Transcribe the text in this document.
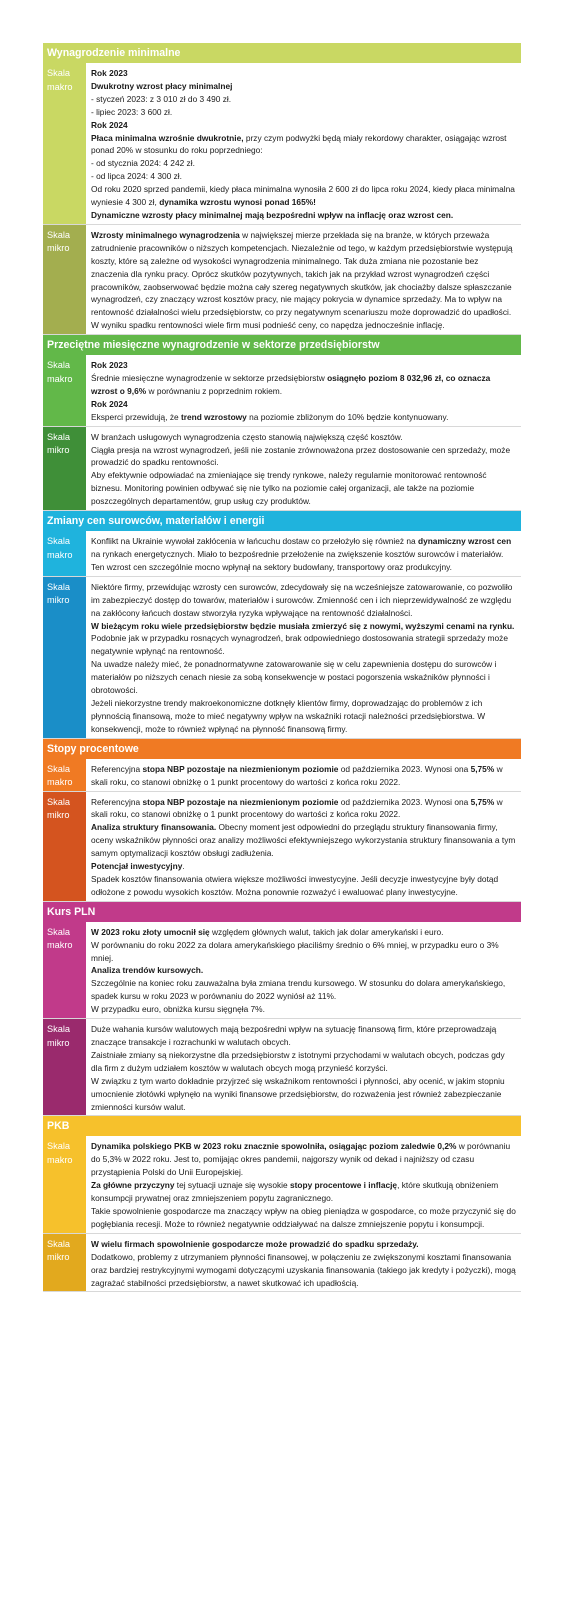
Wynagrodzenie minimalne
Skala
makro

Rok 2023

Dwukrotny wzrost płacy minimalnej

- styczeń 2023: z 3 010 zł do 3 490 zł.

- lipiec 2023: 3 600 zł.

Rok 2024

Płaca minimalna wzrośnie dwukrotnie, przy czym podwyżki będą miały rekordowy charakter, osiągając wzrost ponad 20% w stosunku do roku poprzedniego:

- od stycznia 2024: 4 242 zł.

- od lipca 2024: 4 300 zł.

Od roku 2020 sprzed pandemii, kiedy płaca minimalna wynosiła 2 600 zł do lipca roku 2024, kiedy płaca minimalna wyniesie 4 300 zł, dynamika wzrostu wynosi ponad 165%!

Dynamiczne wzrosty płacy minimalnej mają bezpośredni wpływ na inflację oraz wzrost cen.

Skala
mikro

Wzrosty minimalnego wynagrodzenia w największej mierze przekłada się na branże, w których przeważa zatrudnienie pracowników o niższych kompetencjach. Niezależnie od tego, w każdym przedsiębiorstwie występują koszty, które są zależne od wysokości wynagrodzenia minimalnego. Tak duża zmiana nie pozostanie bez znaczenia dla rynku pracy. Oprócz skutków pozytywnych, takich jak na przykład wzrost wynagrodzeń części pracowników, zaobserwować będzie można cały szereg negatywnych skutków, jak chociażby dalsze spłaszczanie wynagrodzeń, czy znaczący wzrost kosztów pracy, nie mający pokrycia w dynamice sprzedaży. Ma to wpływ na rentowność działalności wielu przedsiębiorstw, co przy negatywnym scenariuszu może doprowadzić do upadłości. W wyniku spadku rentowności wiele firm musi podnieść ceny, co napędza jednocześnie inflację.

Przeciętne miesięczne wynagrodzenie w sektorze przedsiębiorstw
Skala
makro

Rok 2023

Średnie miesięczne wynagrodzenie w sektorze przedsiębiorstw osiągnęło poziom 8 032,96 zł, co oznacza wzrost o 9,6% w porównaniu z poprzednim rokiem.

Rok 2024

Eksperci przewidują, że trend wzrostowy na poziomie zbliżonym do 10% będzie kontynuowany.

Skala
mikro

W branżach usługowych wynagrodzenia często stanowią największą część kosztów.

Ciągła presja na wzrost wynagrodzeń, jeśli nie zostanie zrównoważona przez dostosowanie cen sprzedaży, może prowadzić do spadku rentowności.

Aby efektywnie odpowiadać na zmieniające się trendy rynkowe, należy regularnie monitorować rentowność biznesu. Monitoring powinien odbywać się nie tylko na poziomie całej organizacji, ale także na poziomie poszczególnych departamentów, grup usług czy produktów.

Zmiany cen surowców, materiałów i energii
Skala
makro

Konflikt na Ukrainie wywołał zakłócenia w łańcuchu dostaw co przełożyło się również na dynamiczny wzrost cen na rynkach energetycznych. Miało to bezpośrednie przełożenie na zwiększenie kosztów surowców i materiałów.

Ten wzrost cen szczególnie mocno wpłynął na sektory budowlany, transportowy oraz produkcyjny.

Skala
mikro

Niektóre firmy, przewidując wzrosty cen surowców, zdecydowały się na wcześniejsze zatowarowanie, co pozwoliło im zabezpieczyć dostęp do towarów, materiałów i surowców. Zmienność cen i ich nieprzewidywalność ze względu na zakłócony łańcuch dostaw stworzyła ryzyka wpływające na rentowność działalności.

W bieżącym roku wiele przedsiębiorstw będzie musiała zmierzyć się z nowymi, wyższymi cenami na rynku. Podobnie jak w przypadku rosnących wynagrodzeń, brak odpowiedniego dostosowania strategii sprzedaży może negatywnie wpłynąć na rentowność.

Na uwadze należy mieć, że ponadnormatywne zatowarowanie się w celu zapewnienia dostępu do surowców i materiałów po niższych cenach niesie za sobą konsekwencje w postaci pogorszenia wskaźników płynności i obrotowości.

Jeżeli niekorzystne trendy makroekonomiczne dotknęły klientów firmy, doprowadzając do problemów z ich płynnością finansową, może to mieć negatywny wpływ na wskaźniki rotacji należności przedsiębiorstwa. W konsekwencji, może to również wpłynąć na płynność finansową firmy.

Stopy procentowe
Skala
makro

Referencyjna stopa NBP pozostaje na niezmienionym poziomie od października 2023. Wynosi ona 5,75% w skali roku, co stanowi obniżkę o 1 punkt procentowy do wartości z końca roku 2022.

Skala
mikro

Referencyjna stopa NBP pozostaje na niezmienionym poziomie od października 2023. Wynosi ona 5,75% w skali roku, co stanowi obniżkę o 1 punkt procentowy do wartości z końca roku 2022.

Analiza struktury finansowania. Obecny moment jest odpowiedni do przeglądu struktury finansowania firmy, oceny wskaźników płynności oraz analizy możliwości efektywniejszego wykorzystania struktury finansowania a tym samym optymalizacji kosztów obsługi zadłużenia.

Potencjał inwestycyjny.

Spadek kosztów finansowania otwiera większe możliwości inwestycyjne. Jeśli decyzje inwestycyjne były dotąd odłożone z powodu wysokich kosztów. Można ponownie rozważyć i ewaluować plany inwestycyjne.

Kurs PLN
Skala
makro

W 2023 roku złoty umocnił się względem głównych walut, takich jak dolar amerykański i euro.

W porównaniu do roku 2022 za dolara amerykańskiego płaciliśmy średnio o 6% mniej, w przypadku euro o 3% mniej.

Analiza trendów kursowych.

Szczególnie na koniec roku zauważalna była zmiana trendu kursowego. W stosunku do dolara amerykańskiego, spadek kursu w roku 2023 w porównaniu do 2022 wyniósł aż 11%.

W przypadku euro, obniżka kursu sięgnęła 7%.

Skala
mikro

Duże wahania kursów walutowych mają bezpośredni wpływ na sytuację finansową firm, które przeprowadzają znaczące transakcje i rozrachunki w walutach obcych.

Zaistniałe zmiany są niekorzystne dla przedsiębiorstw z istotnymi przychodami w walutach obcych, podczas gdy dla firm z dużym udziałem kosztów w walutach obcych mogą przynieść korzyści.

W związku z tym warto dokładnie przyjrzeć się wskaźnikom rentowności i płynności, aby ocenić, w jakim stopniu umocnienie złotówki wpłynęło na wyniki finansowe przedsiębiorstw, do rozważenia jest również zabezpieczanie zmienności kursów walut.

PKB
Skala
makro

Dynamika polskiego PKB w 2023 roku znacznie spowolniła, osiągając poziom zaledwie 0,2% w porównaniu do 5,3% w 2022 roku. Jest to, pomijając okres pandemii, najgorszy wynik od dekad i najniższy od czasu przystąpienia Polski do Unii Europejskiej.

Za główne przyczyny tej sytuacji uznaje się wysokie stopy procentowe i inflację, które skutkują obniżeniem konsumpcji prywatnej oraz zmniejszeniem popytu zagranicznego.

Takie spowolnienie gospodarcze ma znaczący wpływ na obieg pieniądza w gospodarce, co może przyczynić się do pogłębiania recesji. Może to również negatywnie oddziaływać na dalsze zmniejszenie popytu i konsumpcji.

Skala
mikro

W wielu firmach spowolnienie gospodarcze może prowadzić do spadku sprzedaży.

Dodatkowo, problemy z utrzymaniem płynności finansowej, w połączeniu ze zwiększonymi kosztami finansowania oraz bardziej restrykcyjnymi wymogami dotyczącymi uzyskania finansowania (takiego jak kredyty i pożyczki), mogą zagrażać stabilności przedsiębiorstw, a nawet skutkować ich upadłością.
